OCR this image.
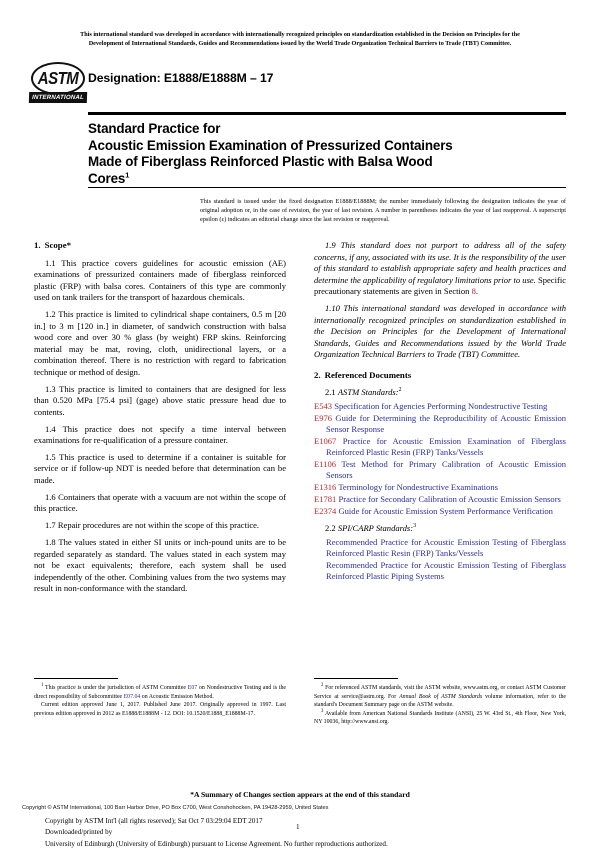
This international standard was developed in accordance with internationally recognized principles on standardization established in the Decision on Principles for the
Development of International Standards, Guides and Recommendations issued by the World Trade Organization Technical Barriers to Trade (TBT) Committee.
ASTM
INTERNATIONAL
Designation: E1888/E1888M – 17
Standard Practice for
Acoustic Emission Examination of Pressurized Containers
Made of Fiberglass Reinforced Plastic with Balsa Wood
Cores$^1$
This standard is issued under the fixed designation E1888/E1888M; the number immediately following the designation indicates the year of original adoption or, in the case of revision, the year of last revision. A number in parentheses indicates the year of last reapproval. A superscript epsilon (ε) indicates an editorial change since the last revision or reapproval.
1. Scope*

1.1 This practice covers guidelines for acoustic emission (AE) examinations of pressurized containers made of fiberglass reinforced plastic (FRP) with balsa cores. Containers of this type are commonly used on tank trailers for the transport of hazardous chemicals.

1.2 This practice is limited to cylindrical shape containers, 0.5 m [20 in.] to 3 m [120 in.] in diameter, of sandwich construction with balsa wood core and over 30 % glass (by weight) FRP skins. Reinforcing material may be mat, roving, cloth, unidirectional layers, or a combination thereof. There is no restriction with regard to fabrication technique or method of design.

1.3 This practice is limited to containers that are designed for less than 0.520 MPa [75.4 psi] (gage) above static pressure head due to contents.

1.4 This practice does not specify a time interval between examinations for re-qualification of a pressure container.

1.5 This practice is used to determine if a container is suitable for service or if follow-up NDT is needed before that determination can be made.

1.6 Containers that operate with a vacuum are not within the scope of this practice.

1.7 Repair procedures are not within the scope of this practice.

1.8 The values stated in either SI units or inch-pound units are to be regarded separately as standard. The values stated in each system may not be exact equivalents; therefore, each system shall be used independently of the other. Combining values from the two systems may result in non-conformance with the standard.

1.9 This standard does not purport to address all of the safety concerns, if any, associated with its use. It is the responsibility of the user of this standard to establish appropriate safety and health practices and determine the applicability of regulatory limitations prior to use. Specific precautionary statements are given in Section 8.

1.10 This international standard was developed in accordance with internationally recognized principles on standardization established in the Decision on Principles for the Development of International Standards, Guides and Recommendations issued by the World Trade Organization Technical Barriers to Trade (TBT) Committee.

2. Referenced Documents

2.1 ASTM Standards:$^2$

E543 Specification for Agencies Performing Nondestructive Testing
E976 Guide for Determining the Reproducibility of Acoustic Emission Sensor Response
E1067 Practice for Acoustic Emission Examination of Fiberglass Reinforced Plastic Resin (FRP) Tanks/Vessels
E1106 Test Method for Primary Calibration of Acoustic Emission Sensors
E1316 Terminology for Nondestructive Examinations
E1781 Practice for Secondary Calibration of Acoustic Emission Sensors
E2374 Guide for Acoustic Emission System Performance Verification

2.2 SPI/CARP Standards:$^3$

Recommended Practice for Acoustic Emission Testing of Fiberglass Reinforced Plastic Resin (FRP) Tanks/Vessels
Recommended Practice for Acoustic Emission Testing of Fiberglass Reinforced Plastic Piping Systems

$^1$ This practice is under the jurisdiction of ASTM Committee E07 on Nondestructive Testing and is the direct responsibility of Subcommittee E07.04 on Acoustic Emission Method.

Current edition approved June 1, 2017. Published June 2017. Originally approved in 1997. Last previous edition approved in 2012 as E1888/E1888M - 12. DOI: 10.1520/E1888_E1888M-17.

$^2$ For referenced ASTM standards, visit the ASTM website, www.astm.org, or contact ASTM Customer Service at service@astm.org. For Annual Book of ASTM Standards volume information, refer to the standard's Document Summary page on the ASTM website.

$^3$ Available from American National Standards Institute (ANSI), 25 W. 43rd St., 4th Floor, New York, NY 10036, http://www.ansi.org.

*A Summary of Changes section appears at the end of this standard
Copyright © ASTM International, 100 Barr Harbor Drive, PO Box C700, West Conshohocken, PA 19428-2959, United States
Copyright by ASTM Int'l (all rights reserved); Sat Oct 7 03:29:04 EDT 2017
Downloaded/printed by
University of Edinburgh (University of Edinburgh) pursuant to License Agreement. No further reproductions authorized.
1
